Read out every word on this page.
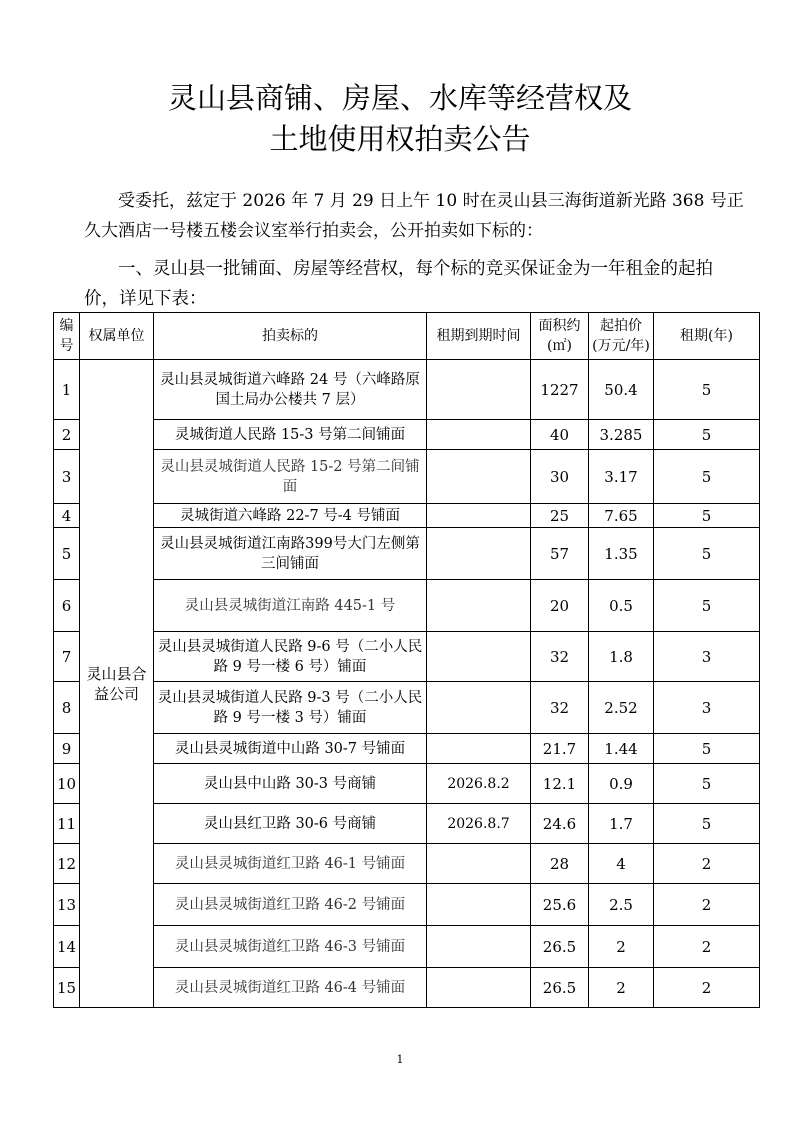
灵山县商铺、房屋、水库等经营权及
土地使用权拍卖公告
受委托，兹定于 2026 年 7 月 29 日上午 10 时在灵山县三海街道新光路 368 号正久大酒店一号楼五楼会议室举行拍卖会，公开拍卖如下标的：
一、灵山县一批铺面、房屋等经营权，每个标的竞买保证金为一年租金的起拍价，详见下表：
编号	权属单位	拍卖标的	租期到期时间	面积约(㎡)	起拍价(万元/年)	租期(年)
1	灵山县合益公司	灵山县灵城街道六峰路 24 号（六峰路原国土局办公楼共 7 层）		1227	50.4	5
2		灵城街道人民路 15-3 号第二间铺面		40	3.285	5
3		灵山县灵城街道人民路 15-2 号第二间铺面		30	3.17	5
4		灵城街道六峰路 22-7 号-4 号铺面		25	7.65	5
5		灵山县灵城街道江南路399号大门左侧第三间铺面		57	1.35	5
6		灵山县灵城街道江南路 445-1 号		20	0.5	5
7		灵山县灵城街道人民路 9-6 号（二小人民路 9 号一楼 6 号）铺面		32	1.8	3
8		灵山县灵城街道人民路 9-3 号（二小人民路 9 号一楼 3 号）铺面		32	2.52	3
9		灵山县灵城街道中山路 30-7 号铺面		21.7	1.44	5
10		灵山县中山路 30-3 号商铺	2026.8.2	12.1	0.9	5
11		灵山县红卫路 30-6 号商铺	2026.8.7	24.6	1.7	5
12		灵山县灵城街道红卫路 46-1 号铺面		28	4	2
13		灵山县灵城街道红卫路 46-2 号铺面		25.6	2.5	2
14		灵山县灵城街道红卫路 46-3 号铺面		26.5	2	2
15		灵山县灵城街道红卫路 46-4 号铺面		26.5	2	2
1
